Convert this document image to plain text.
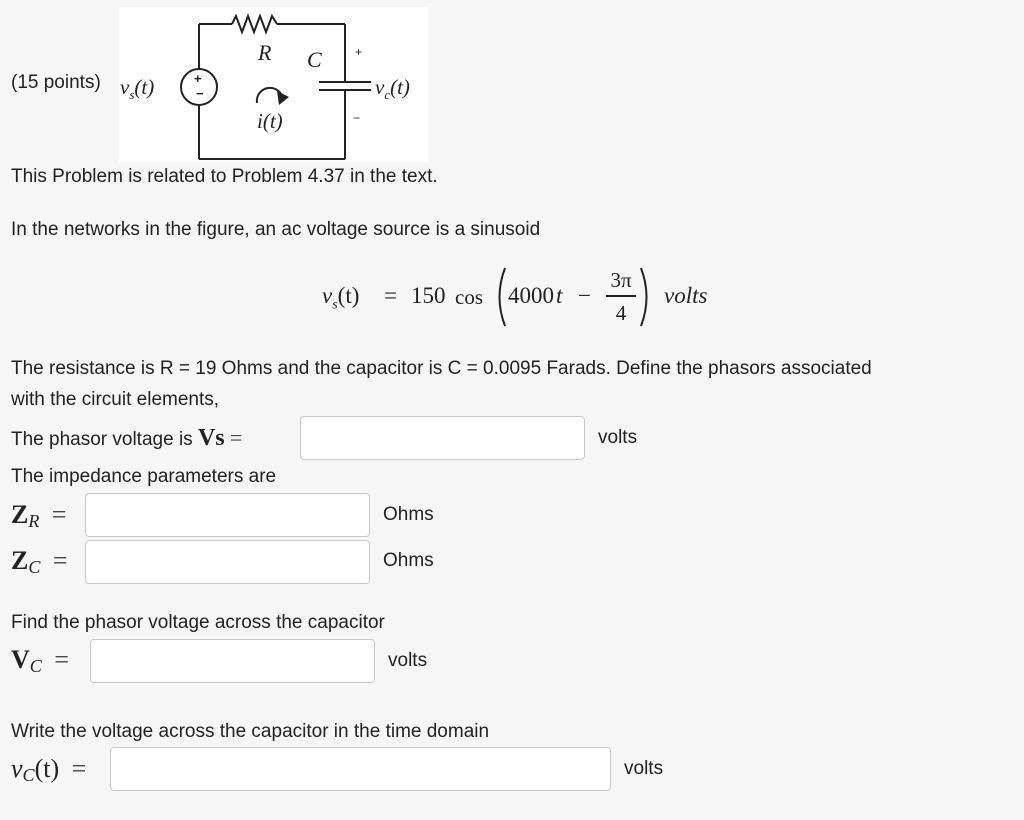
(15 points)
R C	+
−
+
−
i(t)
$v_c(t)$
$v_s(t)$
This Problem is related to Problem 4.37 in the text.
In the networks in the figure, an ac voltage source is a sinusoid
$v_s(t) = 150$ cos 4000 t −
3π
4
volts
The resistance is R = 19 Ohms and the capacitor is C = 0.0095 Farads. Define the phasors associated
with the circuit elements,
The phasor voltage is Vs =	volts
The impedance parameters are
ZR =	Ohms
ZC =	Ohms
Find the phasor voltage across the capacitor
VC =	volts
Write the voltage across the capacitor in the time domain
vC(t) =	volts
